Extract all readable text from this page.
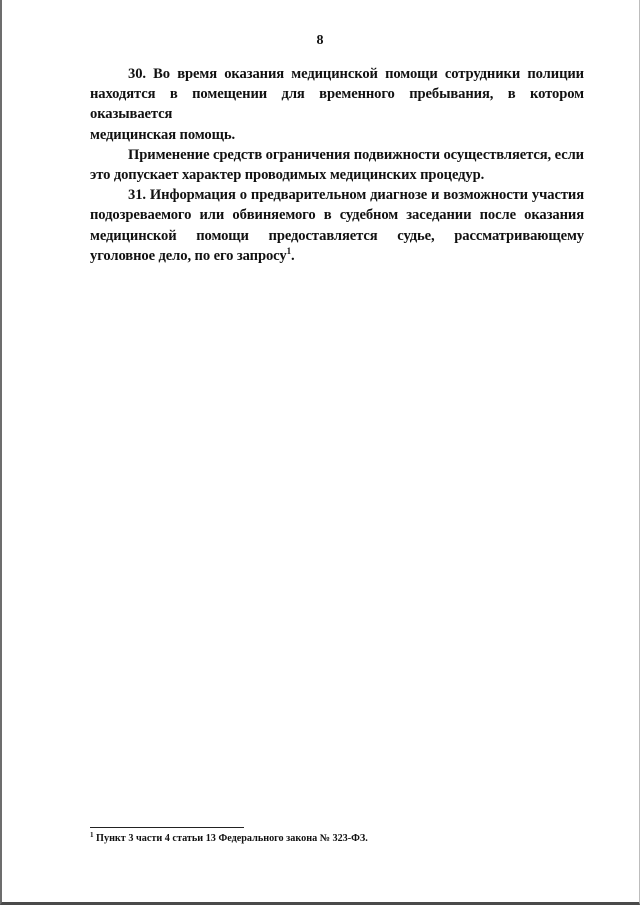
8

30. Во время оказания медицинской помощи сотрудники полиции
находятся в помещении для временного пребывания, в котором оказывается
медицинская помощь.

Применение средств ограничения подвижности осуществляется, если
это допускает характер проводимых медицинских процедур.

31. Информация о предварительном диагнозе и возможности участия
подозреваемого или обвиняемого в судебном заседании после оказания
медицинской помощи предоставляется судье, рассматривающему
уголовное дело, по его запросу$^1$.

$^1$ Пункт 3 части 4 статьи 13 Федерального закона № 323-ФЗ.
